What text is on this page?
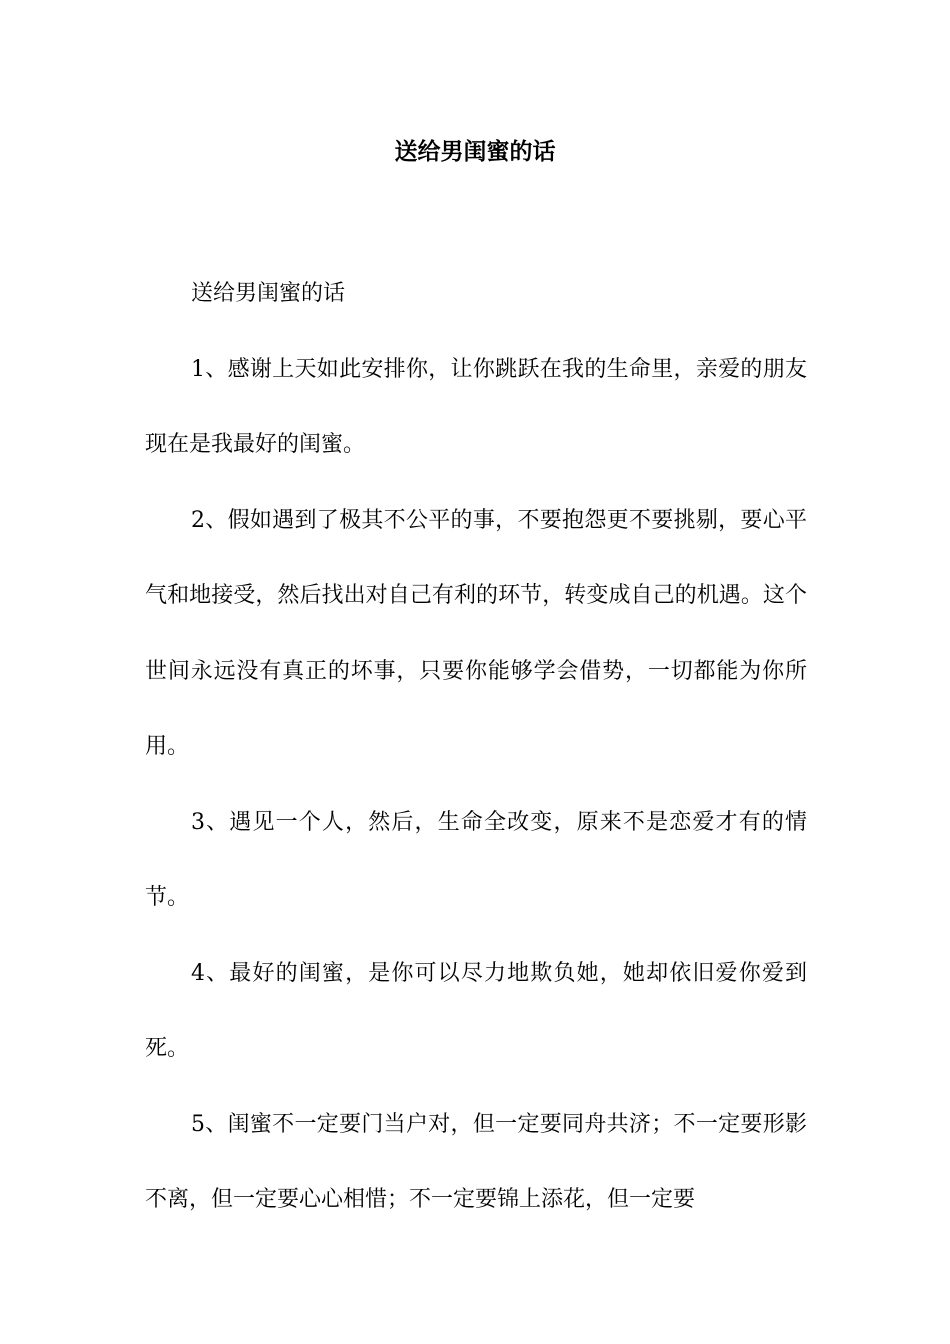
送给男闺蜜的话

送给男闺蜜的话

1、感谢上天如此安排你，让你跳跃在我的生命里，亲爱的朋友现在是我最好的闺蜜。

2、假如遇到了极其不公平的事，不要抱怨更不要挑剔，要心平气和地接受，然后找出对自己有利的环节，转变成自己的机遇。这个世间永远没有真正的坏事，只要你能够学会借势，一切都能为你所用。

3、遇见一个人，然后，生命全改变，原来不是恋爱才有的情节。

4、最好的闺蜜，是你可以尽力地欺负她，她却依旧爱你爱到死。

5、闺蜜不一定要门当户对，但一定要同舟共济；不一定要形影不离，但一定要心心相惜；不一定要锦上添花，但一定要
